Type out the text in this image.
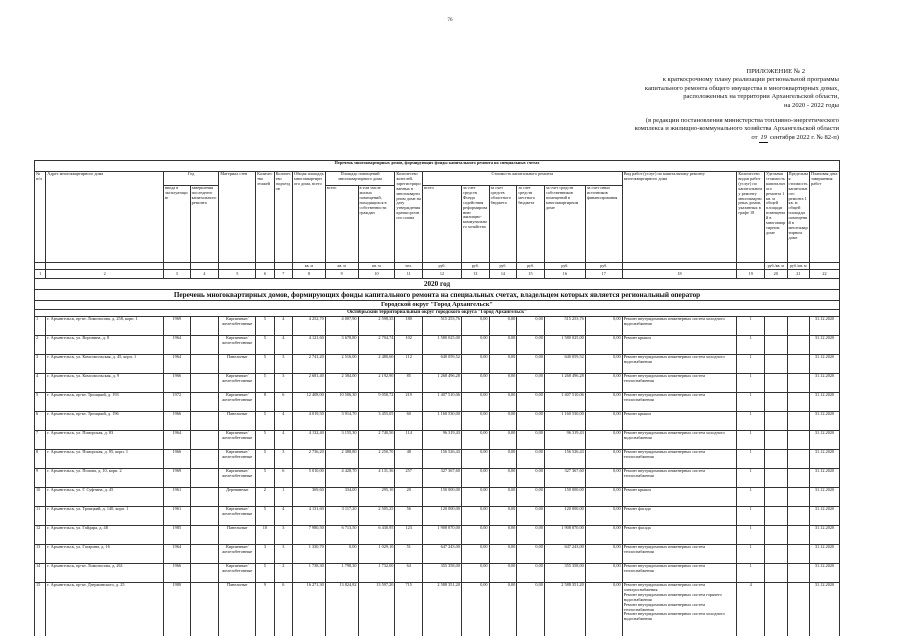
76
ПРИЛОЖЕНИЕ № 2
к краткосрочному плану реализации региональной программы
капитального ремонта общего имущества в многоквартирных домах,
расположенных на территории Архангельской области,
на 2020 - 2022 годы
(в редакции постановления министерства топливно-энергетического
комплекса и жилищно-коммунального хозяйства Архангельской области
от 19 сентября 2022 г. № 82-п)
Перечень многоквартирных домов, формирующих фонды капитального ремонта на специальных счетах																					
№ п/п	Адрес многоквартирного дома	Год		Материал стен	Количество этажей	Количество подъездов	Общая площадь многоквартирного дома, всего	Площадь помещений многоквартирного дома		Количество жителей, зарегистрированных в многоквартирном доме на дату утверждения краткосрочного плана	Стоимость капитального ремонта						Вид работ (услуг) по капитальному ремонту многоквартирного дома	Количество видов работ (услуг) по капитальному ремонту многоквартирных домов, указанных в графе 18	Удельная стоимость капитального ремонта 1 кв. м общей площади помещений в многоквартирном доме	Предельная стоимость капитального ремонта 1 кв. м общей площади помещений в многоквартирном доме	Плановая дата завершения работ
		ввода в эксплуатацию	завершения последнего капитального ремонта					всего	в том числе жилых помещений, находящихся в собственности граждан		всего	за счет средств Фонда содействия реформированию жилищно-коммунального хозяйства	за счет средств областного бюджета	за счет средств местного бюджета	за счет средств собственников помещений в многоквартирном доме	за счет иных источников финансирования					
							кв. м	кв. м	кв. м	чел.	руб.	руб.	руб.	руб.	руб.	руб.			руб./кв. м	руб./кв. м	
1	2	3	4	5	6	7	8	9	10	11	12	13	14	15	16	17	18	19	20	21	22
2020 год																					
Перечень многоквартирных домов, формирующих фонды капитального ремонта на специальных счетах, владельцем которых является региональный оператор																					
Городской округ "Город Архангельск"																					
Октябрьский территориальный округ городского округа "Город Архангельск"																					
1	г. Архангельск, пр-кт. Ломоносова, д. 258, корп. 1	1969		Кирпичные/ железобетонные	5	4	4 252,70	4 007,90	2 598,35	180	515 253,76	0,00	0,00	0,00	515 253,76	0,00	Ремонт внутридомовых инженерных систем холодного водоснабжения	1			31.12.2020
2	г. Архангельск, ул. Воронина, д. 8	1964		Кирпичные/ железобетонные	5	4	4 121,60	3 678,80	2 704,74	102	1 580 025,00	0,00	0,00	0,00	1 580 025,00	0,00	Ремонт крыши	1			31.12.2020
3	г. Архангельск, ул. Комсомольская, д. 45, корп. 1	1964		Панельные	5	3	2 741,20	2 516,00	2 480,60	112	640 059,52	0,00	0,00	0,00	640 059,52	0,00	Ремонт внутридомовых инженерных систем холодного водоснабжения	1			31.12.2020
4	г. Архангельск, ул. Комсомольская, д. 9	1966		Кирпичные/ железобетонные	5	3	2 681,40	2 384,00	2 192,90	85	1 268 496,28	0,00	0,00	0,00	1 268 496,28	0,00	Ремонт внутридомовых инженерных систем теплоснабжения	1			31.12.2020
5	г. Архангельск, пр-кт. Троицкий, д. 193	1972		Кирпичные/ железобетонные	8	6	12 408,00	10 506,30	9 058,72	219	1 407 510,06	0,00	0,00	0,00	1 407 510,06	0,00	Ремонт внутридомовых инженерных систем теплоснабжения	1			31.12.2020
6	г. Архангельск, пр-кт. Троицкий, д. 196	1966		Панельные	5	4	4 019,50	3 914,70	3 455,05	60	1 160 530,00	0,00	0,00	0,00	1 160 530,00	0,00	Ремонт крыши	1			31.12.2020
7	г. Архангельск, ул. Поморская, д. 83	1964		Кирпичные/ железобетонные	5	4	4 132,40	3 155,30	2 740,50	114	96 319,43	0,00	0,00	0,00	96 319,43	0,00	Ремонт внутридомовых инженерных систем холодного водоснабжения	1			31.12.2020
8	г. Архангельск, ул. Поморская, д. 85, корп. 1	1966		Кирпичные/ железобетонные	5	3	2 736,20	2 388,80	2 250,70	48	156 526,43	0,00	0,00	0,00	156 526,43	0,00	Ремонт внутридомовых инженерных систем теплоснабжения	1			31.12.2020
9	г. Архангельск, ул. Попова, д. 10, корп. 2	1969		Кирпичные/ железобетонные	5	6	5 010,00	4 428,70	4 131,36	257	327 367,60	0,00	0,00	0,00	327 367,60	0,00	Ремонт внутридомовых инженерных систем теплоснабжения	1			31.12.2020
10	г. Архангельск, ул. Г. Суфтина, д. 45	1961		Деревянные	2	1	369,60	334,00	295,10	20	150 000,00	0,00	0,00	0,00	150 000,00	0,00	Ремонт крыши	1			31.12.2020
11	г. Архангельск, ул. Троицкий, д. 140, корп. 1	1961		Кирпичные/ железобетонные	5	4	4 131,60	3 117,20	2 505,25	56	120 000,00	0,00	0,00	0,00	120 000,00	0,00	Ремонт фасада	1			31.12.2020
12	г. Архангельск, ул. Гайдара, д. 48	1985		Панельные	10	3	7 980,50	6 713,50	6 430,95	123	1 908 870,00	0,00	0,00	0,00	1 908 870,00	0,00	Ремонт фасада	1			31.12.2020
13	г. Архангельск, ул. Гагарина, д. 16	1964		Кирпичные/ железобетонные	3	3	1 330,70	0,00	1 029,10	51	647 243,00	0,00	0,00	0,00	647 243,00	0,00	Ремонт внутридомовых инженерных систем теплоснабжения	1			31.12.2020
14	г. Архангельск, пр-кт. Ломоносова, д. 261	1966		Кирпичные/ железобетонные	5	2	1 738,30	1 798,30	1 732,00	64	355 358,00	0,00	0,00	0,00	355 358,00	0,00	Ремонт внутридомовых инженерных систем теплоснабжения	1			31.12.2020
15	г. Архангельск, пр-кт. Дзержинского, д. 25	1980		Панельные	9	6	16 271,30	13 824,82	13 597,20	715	2 588 351,20	0,00	0,00	0,00	2 588 351,20	0,00	Ремонт внутридомовых инженерных систем электроснабжения
Ремонт внутридомовых инженерных систем горячего водоснабжения
Ремонт внутридомовых инженерных систем теплоснабжения
Ремонт внутридомовых инженерных систем холодного водоснабжения	4			31.12.2020
